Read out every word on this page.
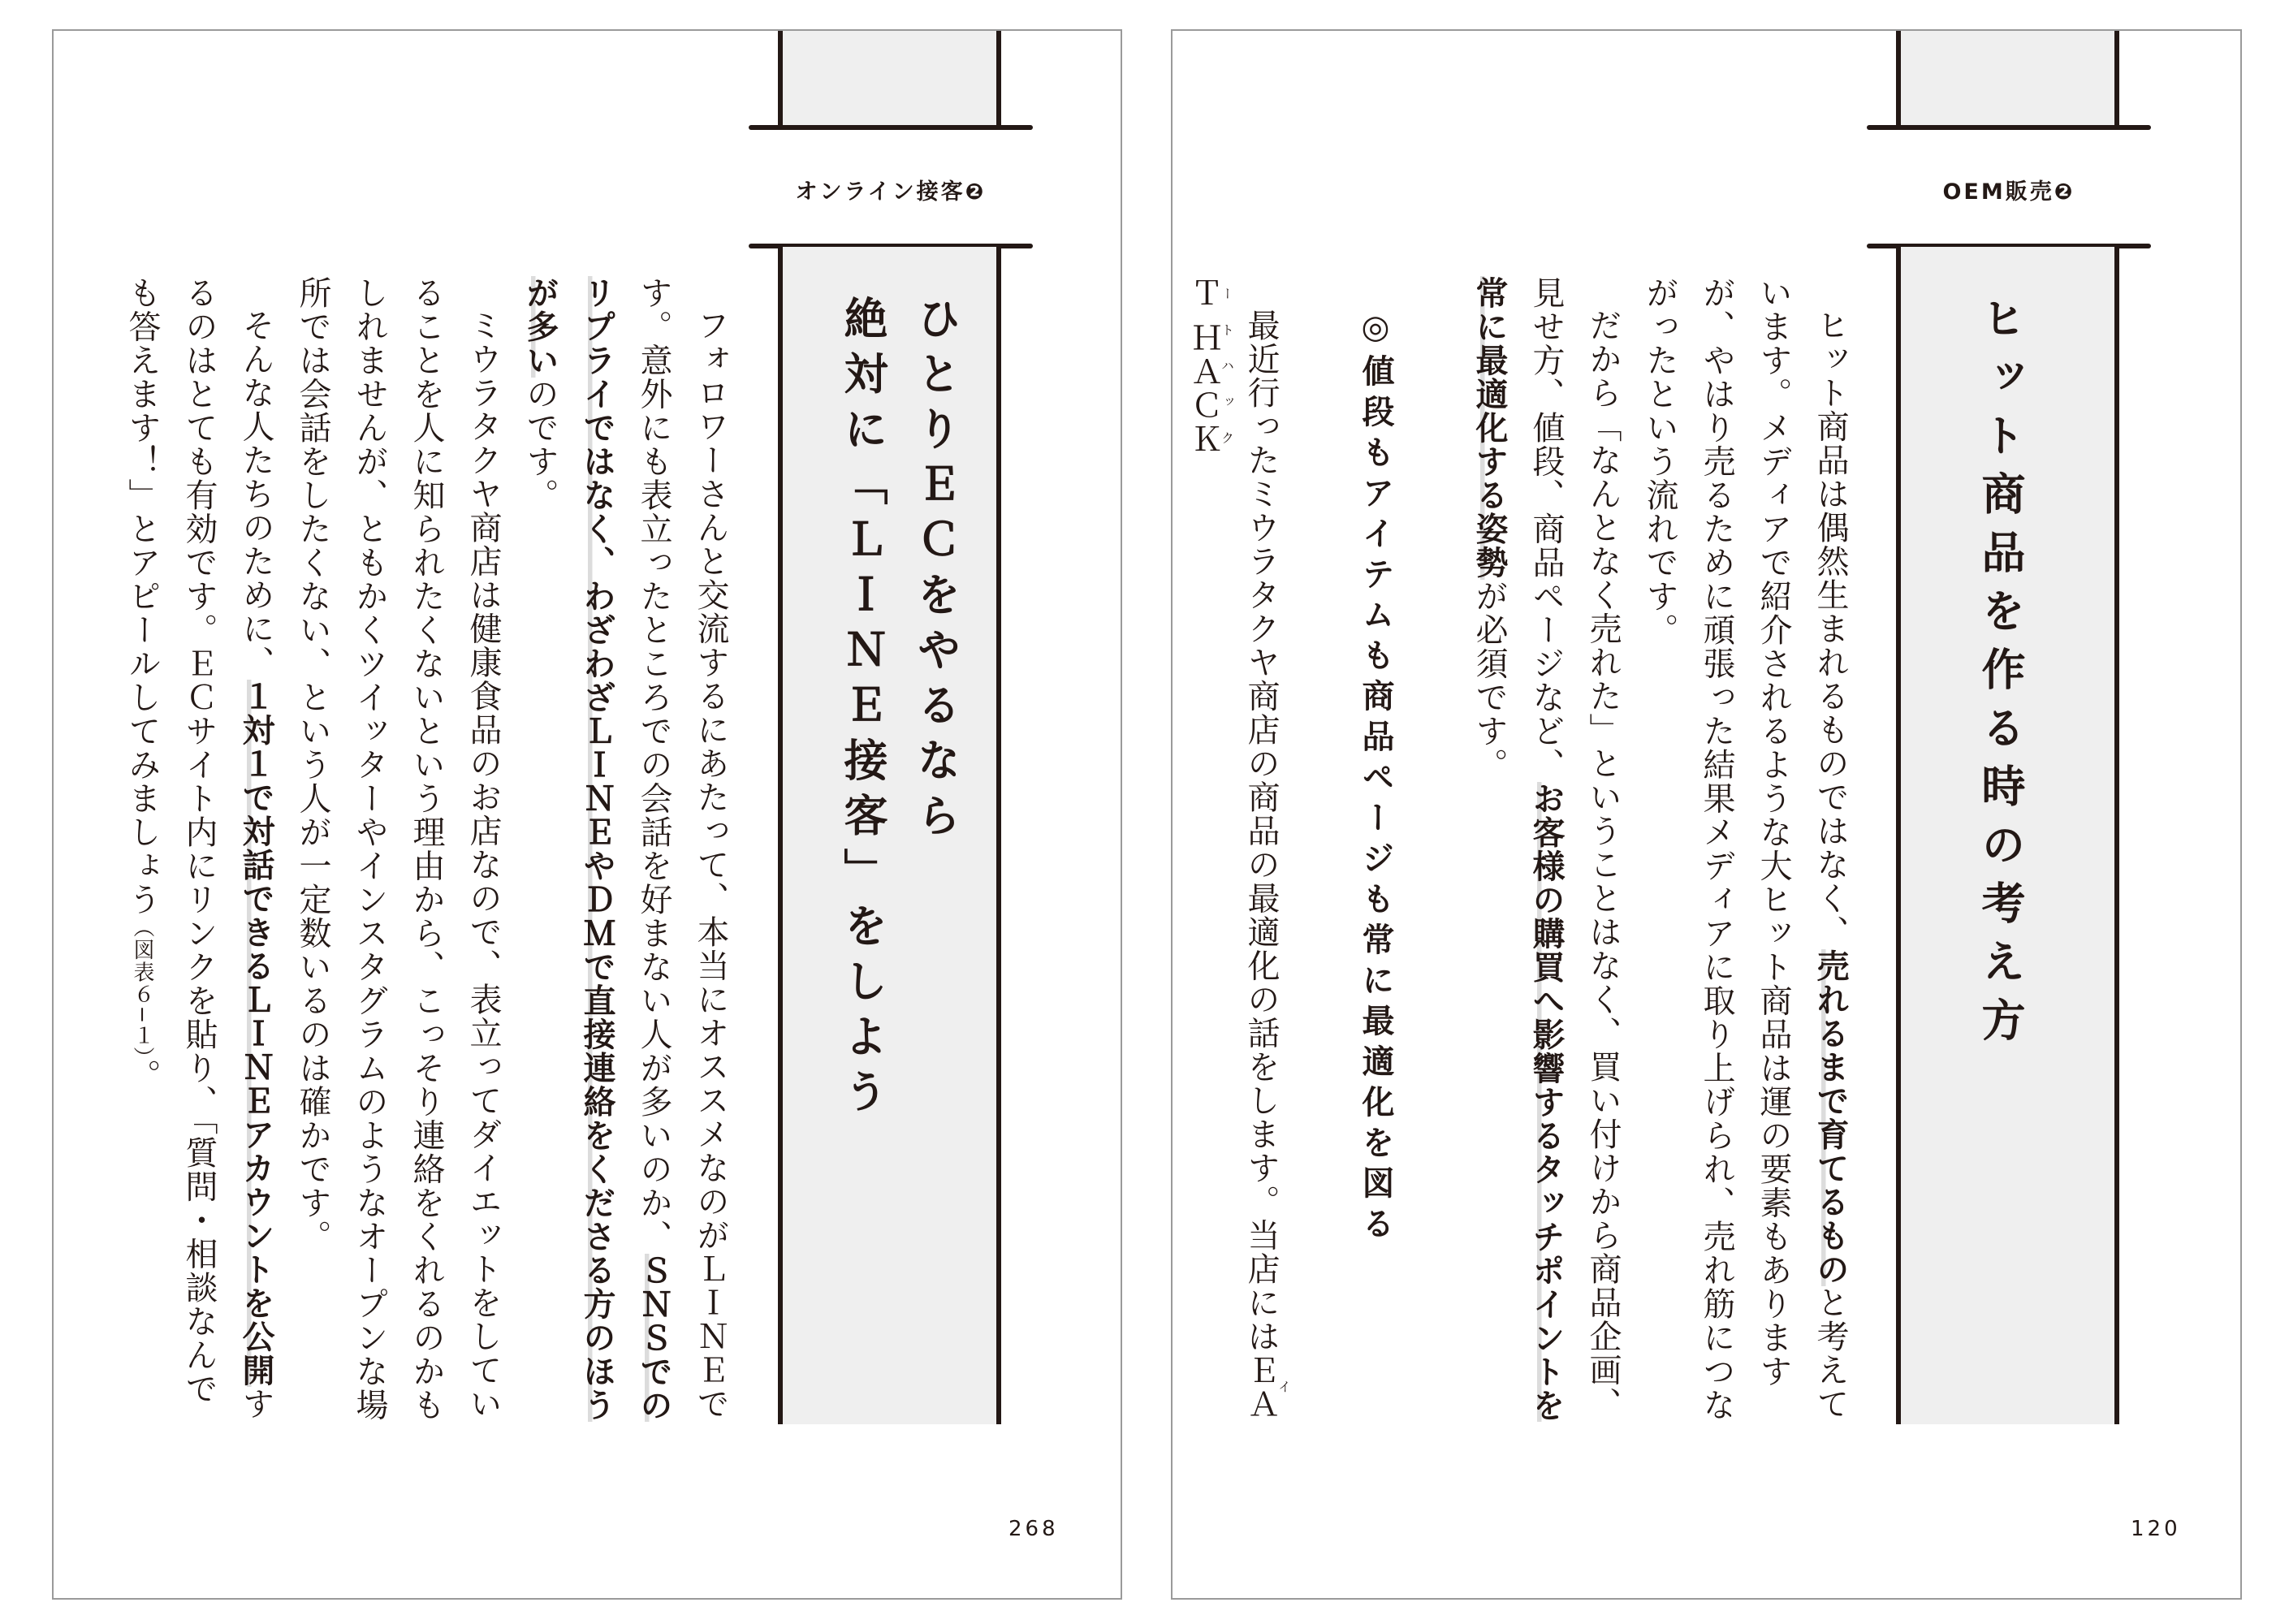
オンライン接客❷
ひとりＥＣをやるなら
絶対に「ＬＩＮＥ接客」をしよう

フォロワーさんと交流するにあたって、本当にオススメなのがＬＩＮＥです。意外にも表立ったところでの会話を好まない人が多いのか、ＳＮＳでのリプライではなく、わざわざＬＩＮＥやＤＭで直接連絡をくださる方のほうが多いのです。

ミウラタクヤ商店は健康食品のお店なので、表立ってダイエットをしていることを人に知られたくないという理由から、こっそり連絡をくれるのかもしれませんが、ともかくツイッターやインスタグラムのようなオープンな場所では会話をしたくない、という人が一定数いるのは確かです。

そんな人たちのために、１対１で対話できるＬＩＮＥアカウントを公開するのはとても有効です。ＥＣサイト内にリンクを貼り、「質問・相談なんでも答えます！」とアピールしてみましょう（図表６−１）。

268
OEM販売❷
ヒット商品を作る時の考え方

ヒット商品は偶然生まれるものではなく、売れるまで育てるものと考えています。メディアで紹介されるような大ヒット商品は運の要素もありますが、やはり売るために頑張った結果メディアに取り上げられ、売れ筋につながったという流れです。

だから「なんとなく売れた」ということはなく、買い付けから商品企画、見せ方、値段、商品ページなど、お客様の購買へ影響するタッチポイントを常に最適化する姿勢が必須です。

◎値段もアイテムも商品ページも常に最適化を図る

最近行ったミウラタクヤ商店の商品の最適化の話をします。当店にはＥＡＴ ＨＡＣＫイートハック

120
